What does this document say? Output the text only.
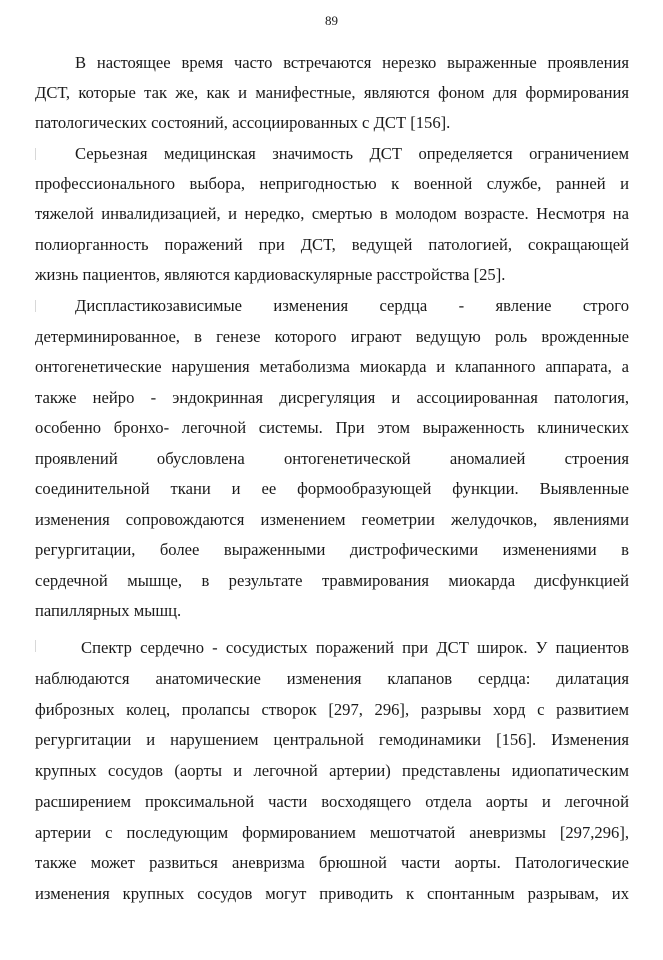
89
В настоящее время часто встречаются нерезко выраженные проявления
ДСТ, которые так же, как и манифестные, являются фоном для формирования
патологических состояний, ассоциированных с ДСТ [156].
Серьезная медицинская значимость ДСТ определяется ограничением
профессионального выбора, непригодностью к военной службе, ранней и
тяжелой инвалидизацией, и нередко, смертью в молодом возрасте. Несмотря на
полиорганность поражений при ДСТ, ведущей патологией, сокращающей
жизнь пациентов, являются кардиоваскулярные расстройства [25].
Диспластикозависимые изменения сердца - явление строго
детерминированное, в генезе которого играют ведущую роль врожденные
онтогенетические нарушения метаболизма миокарда и клапанного аппарата, а
также нейро - эндокринная дисрегуляция и ассоциированная патология,
особенно бронхо- легочной системы. При этом выраженность клинических
проявлений обусловлена онтогенетической аномалией строения
соединительной ткани и ее формообразующей функции. Выявленные
изменения сопровождаются изменением геометрии желудочков, явлениями
регургитации, более выраженными дистрофическими изменениями в
сердечной мышце, в результате травмирования миокарда дисфункцией
папиллярных мышц.
Спектр сердечно - сосудистых поражений при ДСТ широк. У пациентов
наблюдаются анатомические изменения клапанов сердца: дилатация
фиброзных колец, пролапсы створок [297, 296], разрывы хорд с развитием
регургитации и нарушением центральной гемодинамики [156]. Изменения
крупных сосудов (аорты и легочной артерии) представлены идиопатическим
расширением проксимальной части восходящего отдела аорты и легочной
артерии с последующим формированием мешотчатой аневризмы [297,296],
также может развиться аневризма брюшной части аорты. Патологические
изменения крупных сосудов могут приводить к спонтанным разрывам, их
